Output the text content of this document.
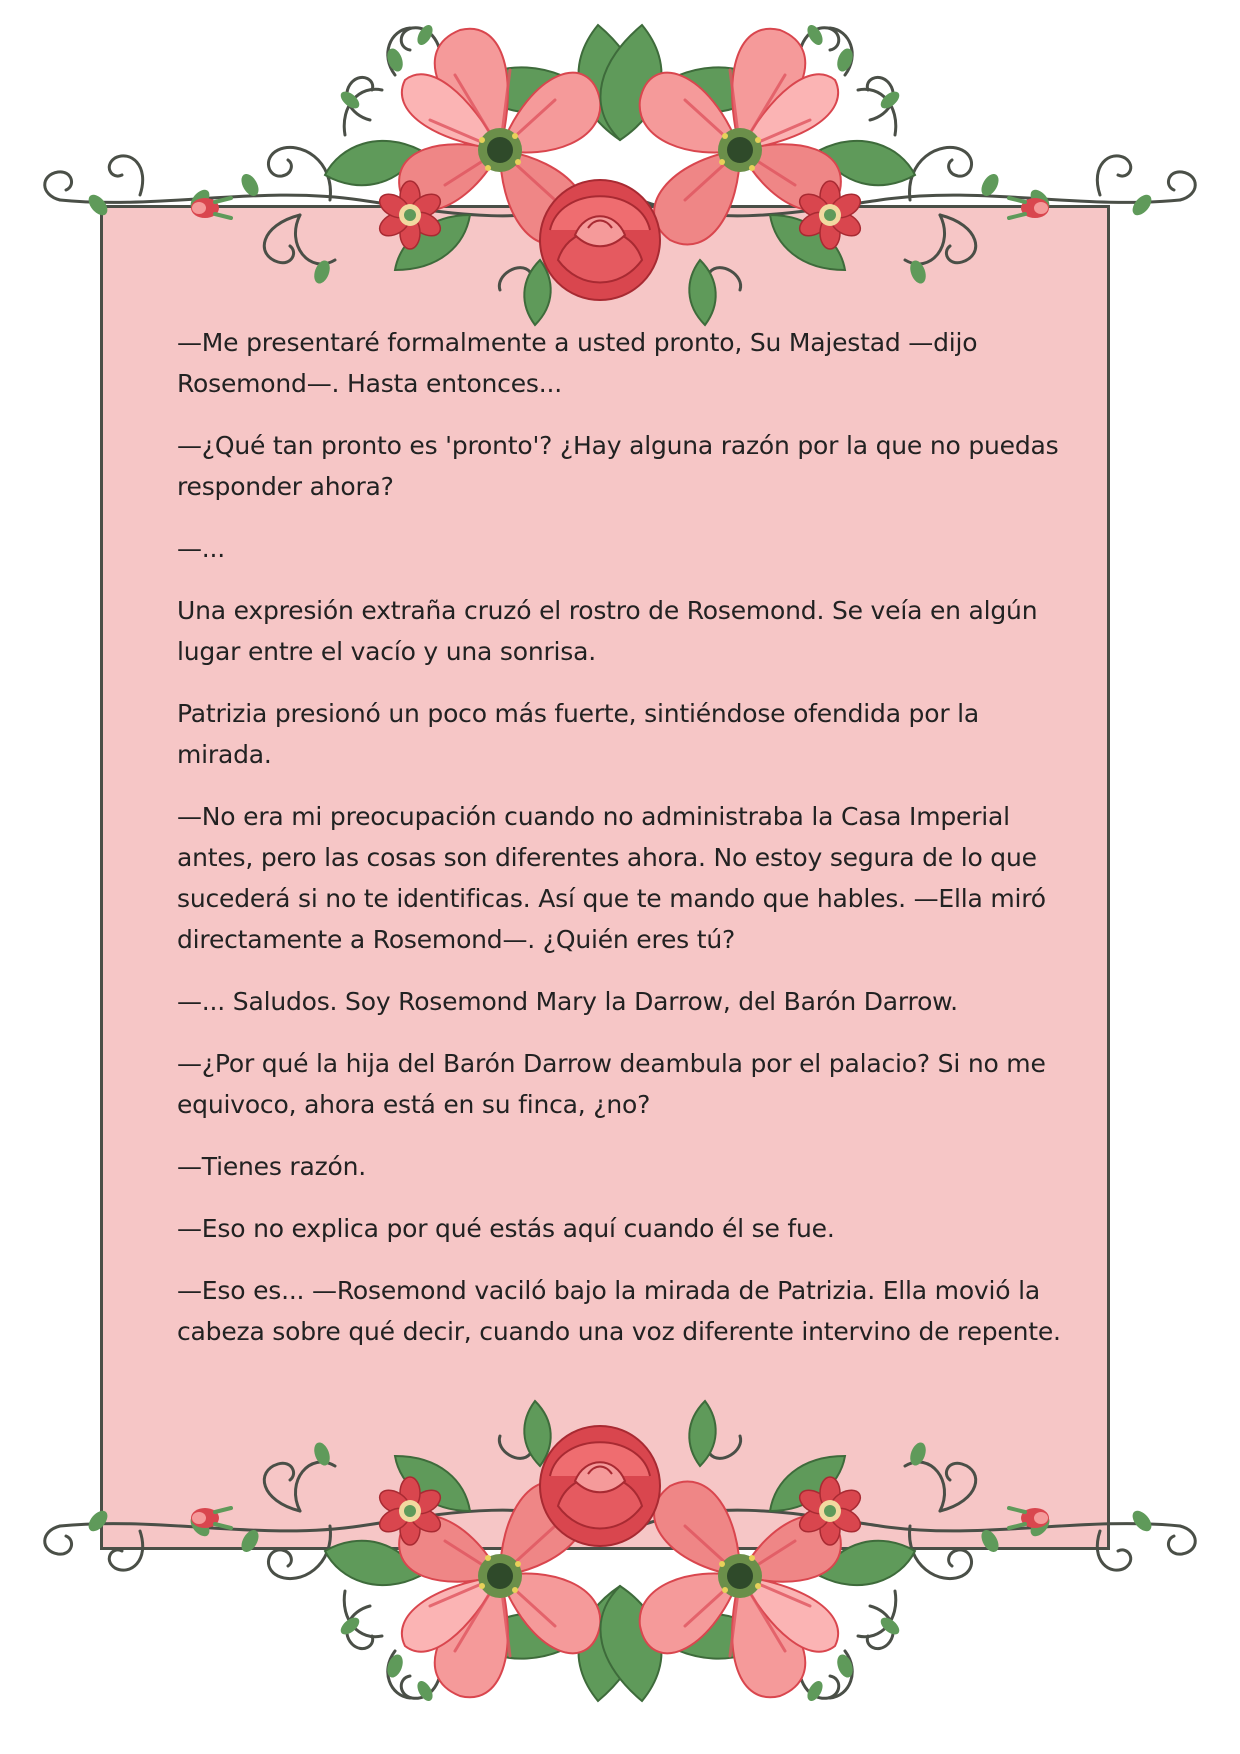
—Me presentaré formalmente a usted pronto, Su Majestad —dijo Rosemond—. Hasta entonces...

—¿Qué tan pronto es 'pronto'? ¿Hay alguna razón por la que no puedas responder ahora?

—...

Una expresión extraña cruzó el rostro de Rosemond. Se veía en algún lugar entre el vacío y una sonrisa.

Patrizia presionó un poco más fuerte, sintiéndose ofendida por la mirada.

—No era mi preocupación cuando no administraba la Casa Imperial antes, pero las cosas son diferentes ahora. No estoy segura de lo que sucederá si no te identificas. Así que te mando que hables. —Ella miró directamente a Rosemond—. ¿Quién eres tú?

—... Saludos. Soy Rosemond Mary la Darrow, del Barón Darrow.

—¿Por qué la hija del Barón Darrow deambula por el palacio? Si no me equivoco, ahora está en su finca, ¿no?

—Tienes razón.

—Eso no explica por qué estás aquí cuando él se fue.

—Eso es... —Rosemond vaciló bajo la mirada de Patrizia. Ella movió la cabeza sobre qué decir, cuando una voz diferente intervino de repente.
